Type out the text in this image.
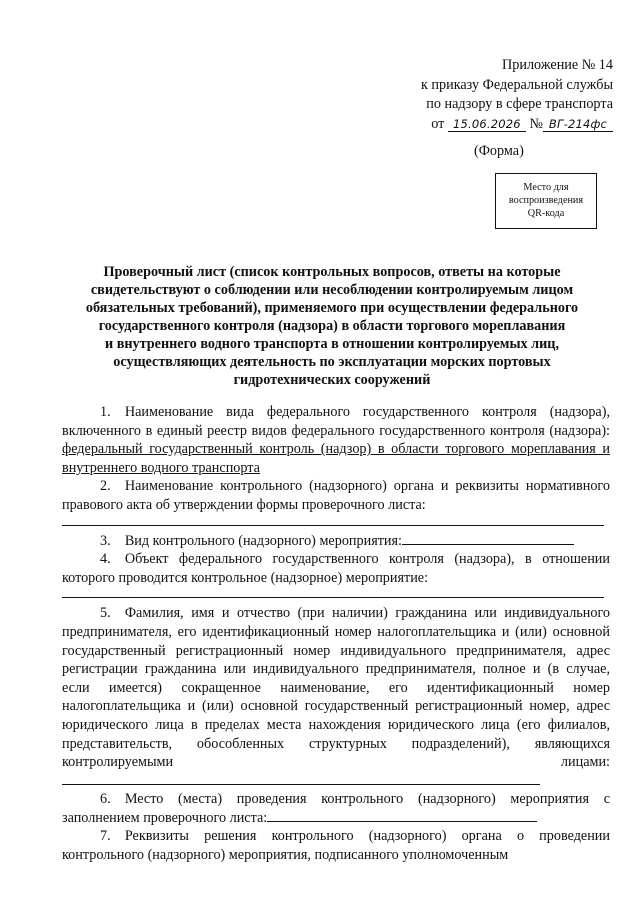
Приложение № 14
к приказу Федеральной службы
по надзору в сфере транспорта
от 15.06.2026 № ВГ-214фс
(Форма)
Место для
воспроизведения
QR-кода
Проверочный лист (список контрольных вопросов, ответы на которые
свидетельствуют о соблюдении или несоблюдении контролируемым лицом
обязательных требований), применяемого при осуществлении федерального
государственного контроля (надзора) в области торгового мореплавания
и внутреннего водного транспорта в отношении контролируемых лиц,
осуществляющих деятельность по эксплуатации морских портовых
гидротехнических сооружений

1. Наименование вида федерального государственного контроля (надзора), включенного в единый реестр видов федерального государственного контроля (надзора): федеральный государственный контроль (надзор) в области торгового мореплавания и внутреннего водного транспорта

2. Наименование контрольного (надзорного) органа и реквизиты нормативного правового акта об утверждении формы проверочного листа:

3. Вид контрольного (надзорного) мероприятия:

4. Объект федерального государственного контроля (надзора), в отношении которого проводится контрольное (надзорное) мероприятие:

5. Фамилия, имя и отчество (при наличии) гражданина или индивидуального предпринимателя, его идентификационный номер налогоплательщика и (или) основной государственный регистрационный номер индивидуального предпринимателя, адрес регистрации гражданина или индивидуального предпринимателя, полное и (в случае, если имеется) сокращенное наименование, его идентификационный номер налогоплательщика и (или) основной государственный регистрационный номер, адрес юридического лица в пределах места нахождения юридического лица (его филиалов, представительств, обособленных структурных подразделений), являющихся контролируемыми лицами:

6. Место (места) проведения контрольного (надзорного) мероприятия с заполнением проверочного листа:

7. Реквизиты решения контрольного (надзорного) органа о проведении контрольного (надзорного) мероприятия, подписанного уполномоченным
